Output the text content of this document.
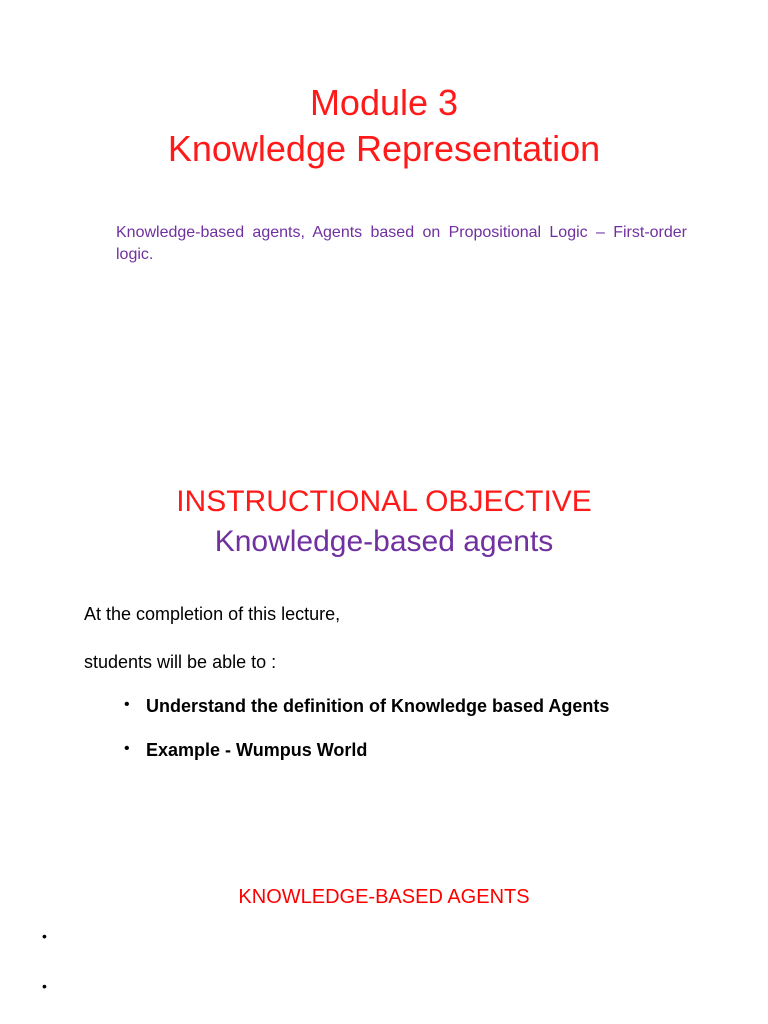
Module 3
Knowledge Representation
Knowledge-based agents, Agents based on Propositional Logic – First-order logic.
INSTRUCTIONAL OBJECTIVE
Knowledge-based agents
At the completion of this lecture,
students will be able to :
• Understand the definition of Knowledge based Agents
• Example - Wumpus World
KNOWLEDGE-BASED AGENTS
•
•
